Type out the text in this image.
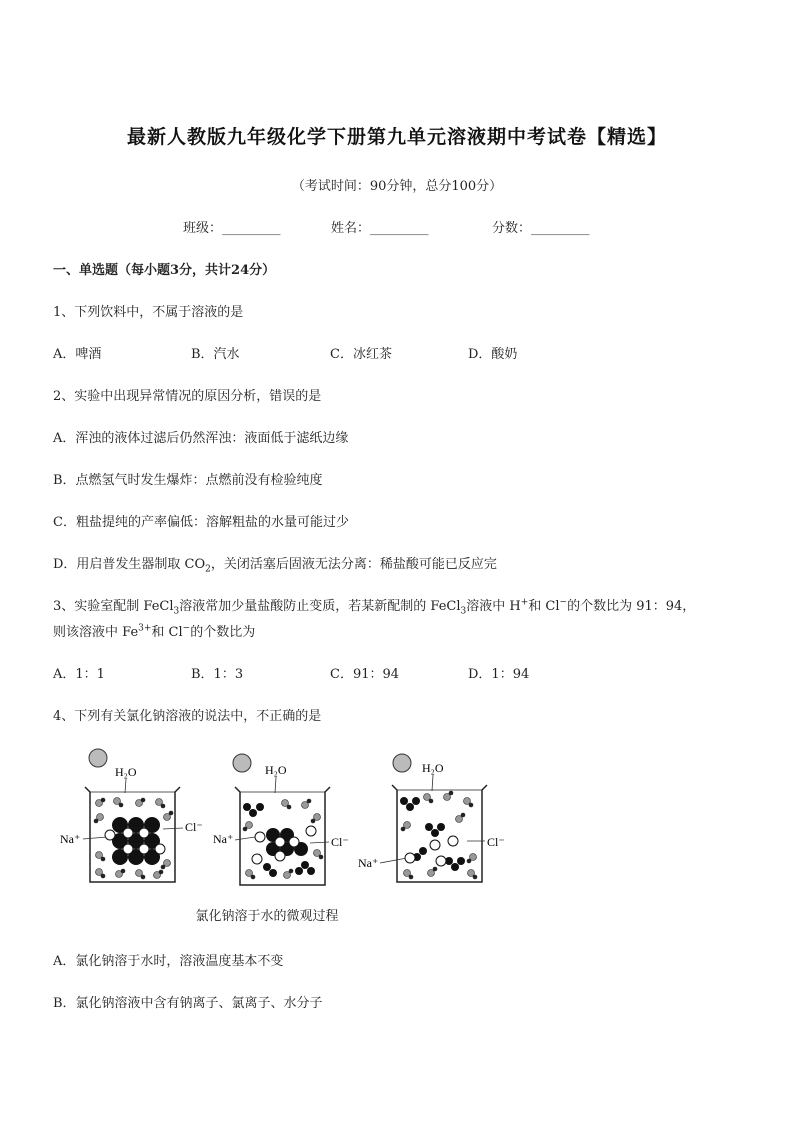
最新人教版九年级化学下册第九单元溶液期中考试卷【精选】
（考试时间：90分钟，总分100分）
班级：_________	姓名：_________	分数：_________
一、单选题（每小题3分，共计24分）
1、下列饮料中，不属于溶液的是
A．啤酒	B．汽水	C．冰红茶	D．酸奶
2、实验中出现异常情况的原因分析，错误的是
A．浑浊的液体过滤后仍然浑浊：液面低于滤纸边缘
B．点燃氢气时发生爆炸：点燃前没有检验纯度
C．粗盐提纯的产率偏低：溶解粗盐的水量可能过少
D．用启普发生器制取 $CO_2$，关闭活塞后固液无法分离：稀盐酸可能已反应完
3、实验室配制 FeCl$_3$溶液常加少量盐酸防止变质，若某新配制的 FeCl$_3$溶液中 H+和 Cl−的个数比为 91：94，
则该溶液中 $Fe^{3+}$和 Cl−的个数比为
A．1：1	B．1：3	C．91：94	D．1：94
4、下列有关氯化钠溶液的说法中，不正确的是
H₂O
Na⁺
Cl⁻
H₂O
Na⁺	Cl⁻
H₂O
Na⁺
Cl⁻
氯化钠溶于水的微观过程
A．氯化钠溶于水时，溶液温度基本不变
B．氯化钠溶液中含有钠离子、氯离子、水分子
